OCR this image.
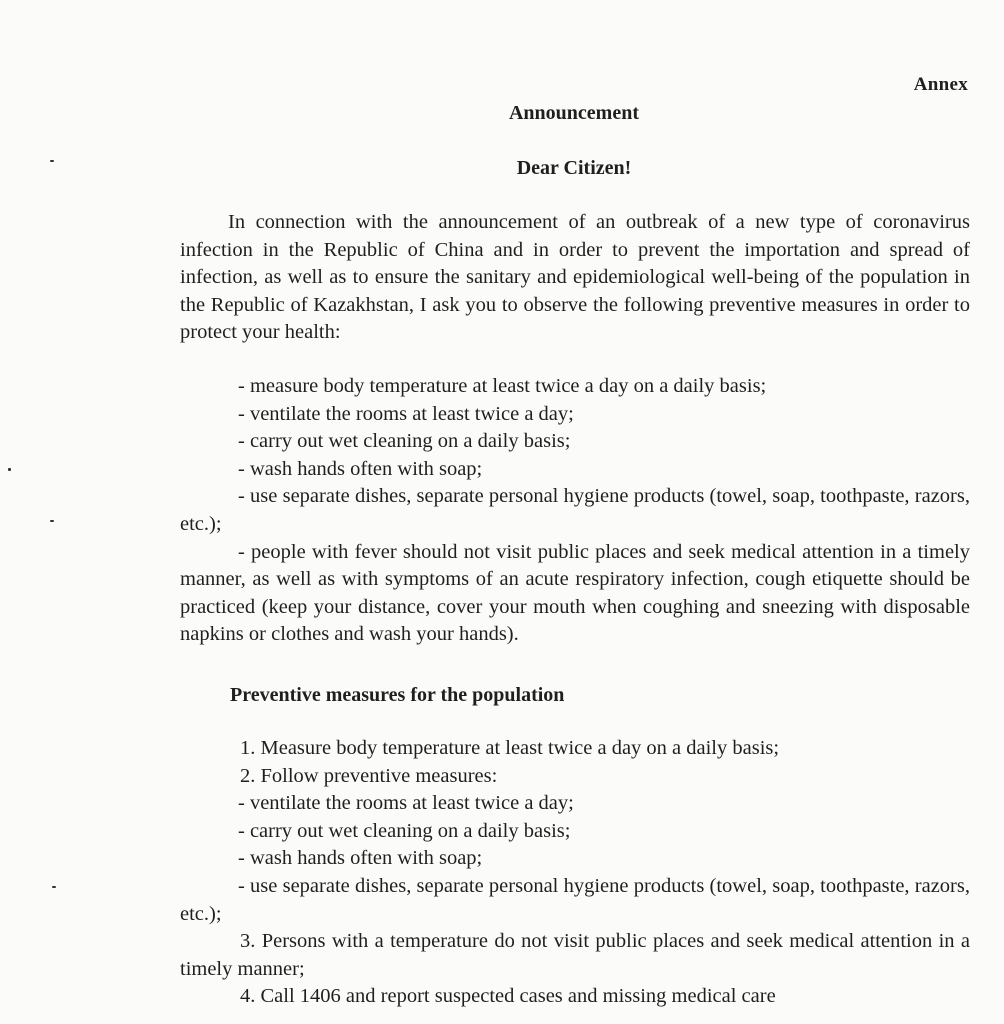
Annex
Announcement
Dear Citizen!

In connection with the announcement of an outbreak of a new type of coronavirus infection in the Republic of China and in order to prevent the importation and spread of infection, as well as to ensure the sanitary and epidemiological well-being of the population in the Republic of Kazakhstan, I ask you to observe the following preventive measures in order to protect your health:

- measure body temperature at least twice a day on a daily basis;

- ventilate the rooms at least twice a day;

- carry out wet cleaning on a daily basis;

- wash hands often with soap;

- use separate dishes, separate personal hygiene products (towel, soap, toothpaste, razors, etc.);

- people with fever should not visit public places and seek medical attention in a timely manner, as well as with symptoms of an acute respiratory infection, cough etiquette should be practiced (keep your distance, cover your mouth when coughing and sneezing with disposable napkins or clothes and wash your hands).

Preventive measures for the population

1. Measure body temperature at least twice a day on a daily basis;

2. Follow preventive measures:

- ventilate the rooms at least twice a day;

- carry out wet cleaning on a daily basis;

- wash hands often with soap;

- use separate dishes, separate personal hygiene products (towel, soap, toothpaste, razors, etc.);

3. Persons with a temperature do not visit public places and seek medical attention in a timely manner;

4. Call 1406 and report suspected cases and missing medical care
